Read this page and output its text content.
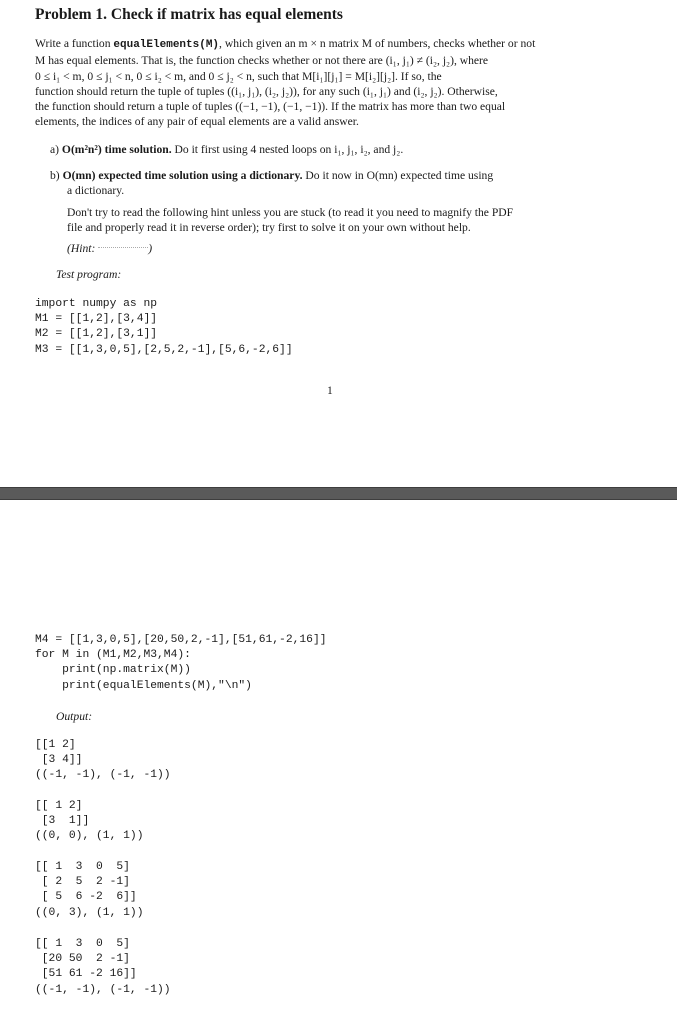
Problem 1. Check if matrix has equal elements

Write a function equalElements(M), which given an m × n matrix M of numbers, checks whether or not
M has equal elements. That is, the function checks whether or not there are (i₁, j₁) ≠ (i₂, j₂), where
0 ≤ i₁ < m, 0 ≤ j₁ < n, 0 ≤ i₂ < m, and 0 ≤ j₂ < n, such that M[i₁][j₁] = M[i₂][j₂]. If so, the
function should return the tuple of tuples ((i₁, j₁), (i₂, j₂)), for any such (i₁, j₁) and (i₂, j₂). Otherwise,
the function should return a tuple of tuples ((−1, −1), (−1, −1)). If the matrix has more than two equal
elements, the indices of any pair of equal elements are a valid answer.

a) O(m²n²) time solution. Do it first using 4 nested loops on i₁, j₁, i₂, and j₂.

b) O(mn) expected time solution using a dictionary. Do it now in O(mn) expected time using

a dictionary.

Don't try to read the following hint unless you are stuck (to read it you need to magnify the PDF
file and properly read it in reverse order); try first to solve it on your own without help.

(Hint:	)

Test program:

import numpy as np
M1 = [[1,2],[3,4]]
M2 = [[1,2],[3,1]]
M3 = [[1,3,0,5],[2,5,2,-1],[5,6,-2,6]]
1
M4 = [[1,3,0,5],[20,50,2,-1],[51,61,-2,16]]
for M in (M1,M2,M3,M4):
print(np.matrix(M))
print(equalElements(M),"\n")

Output:

[[1 2]
[3 4]]
((-1, -1), (-1, -1))
[[ 1 2]
[3  1]]
((0, 0), (1, 1))
[[ 1  3  0  5]
[ 2  5  2 -1]
[ 5  6 -2  6]]
((0, 3), (1, 1))
[[ 1  3  0  5]
[20 50  2 -1]
[51 61 -2 16]]
((-1, -1), (-1, -1))
